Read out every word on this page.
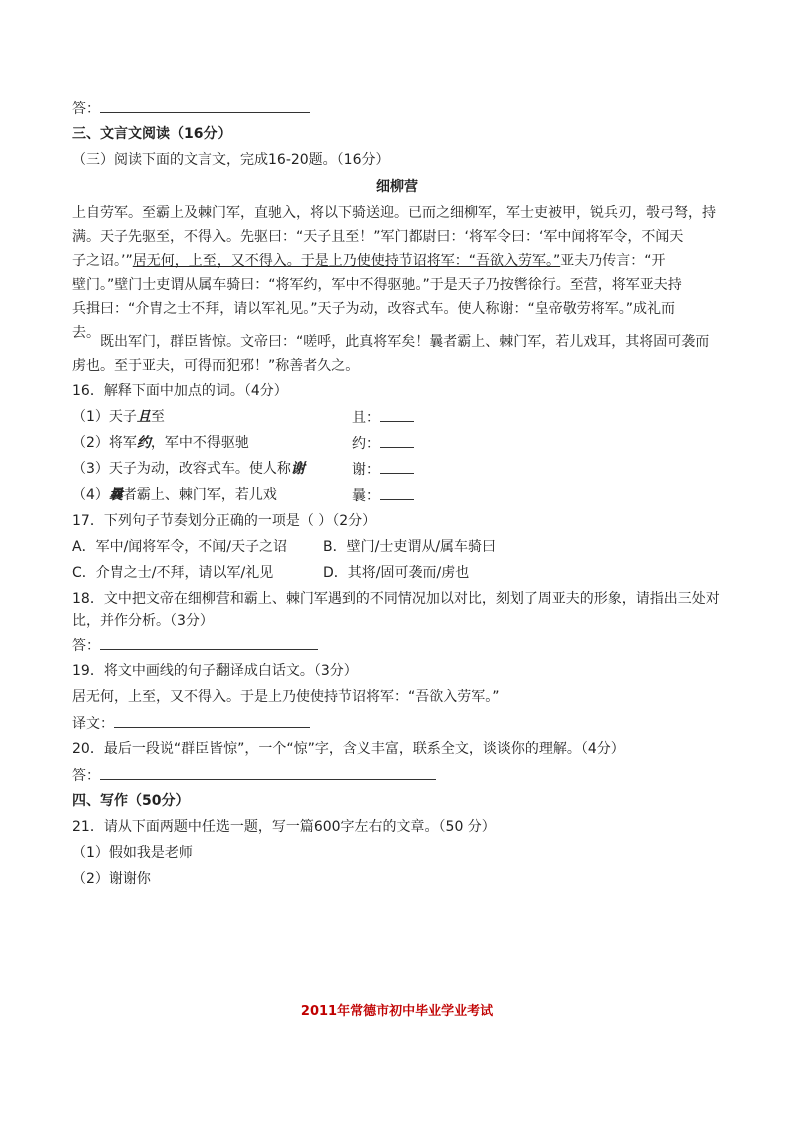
答：
三、文言文阅读（16分）
（三）阅读下面的文言文，完成16-20题。（16分）
细柳营
上自劳军。至霸上及棘门军，直驰入，将以下骑送迎。已而之细柳军，军士吏被甲，锐兵刃，彀弓弩，持
满。天子先驱至，不得入。先驱曰：“天子且至！”军门都尉曰：‘将军令曰：‘军中闻将军令，不闻天
子之诏。’”居无何，上至，又不得入。于是上乃使使持节诏将军：“吾欲入劳军。”亚夫乃传言：“开
壁门。”壁门士吏谓从属车骑曰：“将军约，军中不得驱驰。”于是天子乃按辔徐行。至营，将军亚夫持
兵揖曰：“介胄之士不拜，请以军礼见。”天子为动，改容式车。使人称谢：“皇帝敬劳将军。”成礼而
去。
既出军门，群臣皆惊。文帝曰：“嗟呼，此真将军矣！曩者霸上、棘门军，若儿戏耳，其将固可袭而
虏也。至于亚夫，可得而犯邪！”称善者久之。
16．解释下面中加点的词。（4分）
（1）天子且至	且：
（2）将军约，军中不得驱驰	约：
（3）天子为动，改容式车。使人称谢	谢：
（4）曩者霸上、棘门军，若儿戏	曩：
17．下列句子节奏划分正确的一项是（ ）（2分）
A．军中/闻将军令，不闻/天子之诏	B．壁门/士吏谓从/属车骑曰
C．介胄之士/不拜，请以军/礼见	D．其将/固可袭而/虏也
18．文中把文帝在细柳营和霸上、棘门军遇到的不同情况加以对比，刻划了周亚夫的形象，请指出三处对
比，并作分析。（3分）
答：
19．将文中画线的句子翻译成白话文。（3分）
居无何，上至，又不得入。于是上乃使使持节诏将军：“吾欲入劳军。”
译文：
20．最后一段说“群臣皆惊”，一个“惊”字，含义丰富，联系全文，谈谈你的理解。（4分）
答：
四、写作（50分）
21．请从下面两题中任选一题，写一篇600字左右的文章。（50 分）
（1）假如我是老师
（2）谢谢你
2011年常德市初中毕业学业考试
